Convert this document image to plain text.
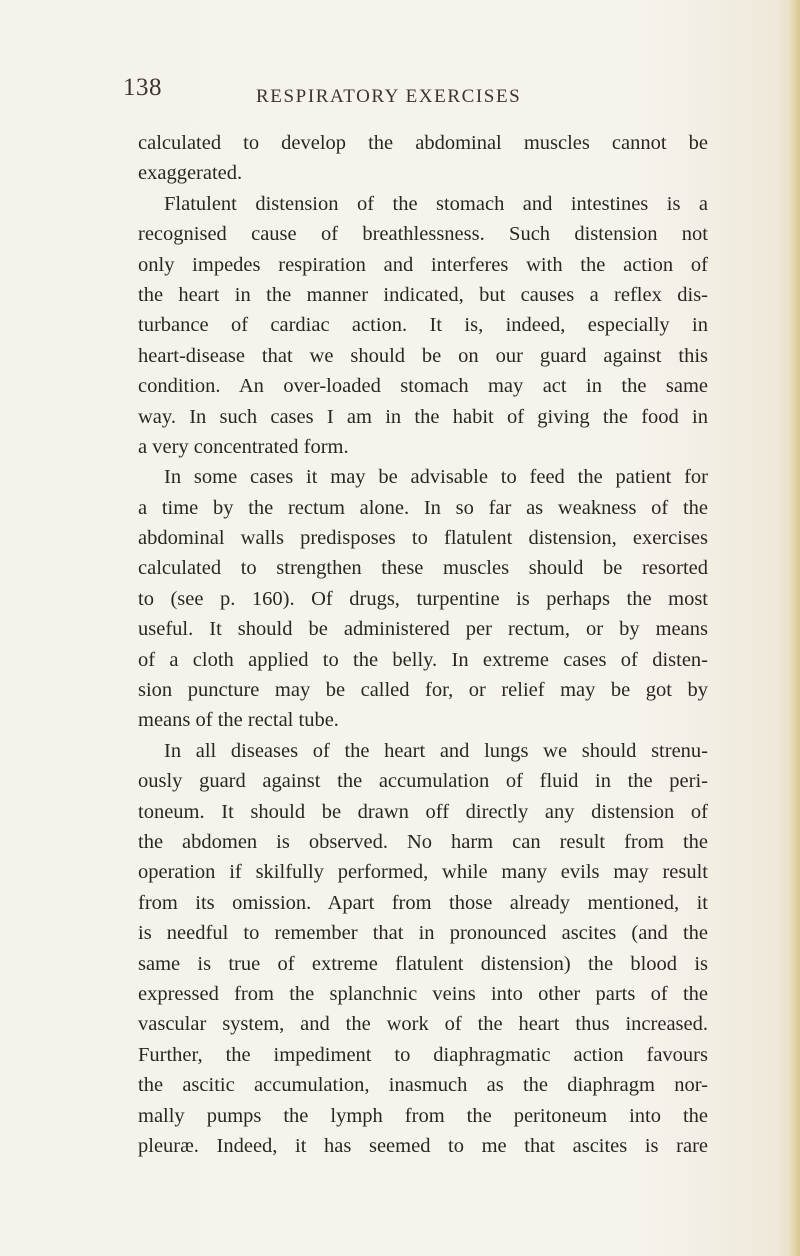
138	RESPIRATORY EXERCISES
calculated to develop the abdominal muscles cannot be
exaggerated.
Flatulent distension of the stomach and intestines is a
recognised cause of breathlessness. Such distension not
only impedes respiration and interferes with the action of
the heart in the manner indicated, but causes a reflex dis-
turbance of cardiac action. It is, indeed, especially in
heart-disease that we should be on our guard against this
condition. An over-loaded stomach may act in the same
way. In such cases I am in the habit of giving the food in
a very concentrated form.
In some cases it may be advisable to feed the patient for
a time by the rectum alone. In so far as weakness of the
abdominal walls predisposes to flatulent distension, exercises
calculated to strengthen these muscles should be resorted
to (see p. 160). Of drugs, turpentine is perhaps the most
useful. It should be administered per rectum, or by means
of a cloth applied to the belly. In extreme cases of disten-
sion puncture may be called for, or relief may be got by
means of the rectal tube.
In all diseases of the heart and lungs we should strenu-
ously guard against the accumulation of fluid in the peri-
toneum. It should be drawn off directly any distension of
the abdomen is observed. No harm can result from the
operation if skilfully performed, while many evils may result
from its omission. Apart from those already mentioned, it
is needful to remember that in pronounced ascites (and the
same is true of extreme flatulent distension) the blood is
expressed from the splanchnic veins into other parts of the
vascular system, and the work of the heart thus increased.
Further, the impediment to diaphragmatic action favours
the ascitic accumulation, inasmuch as the diaphragm nor-
mally pumps the lymph from the peritoneum into the
pleuræ. Indeed, it has seemed to me that ascites is rare
